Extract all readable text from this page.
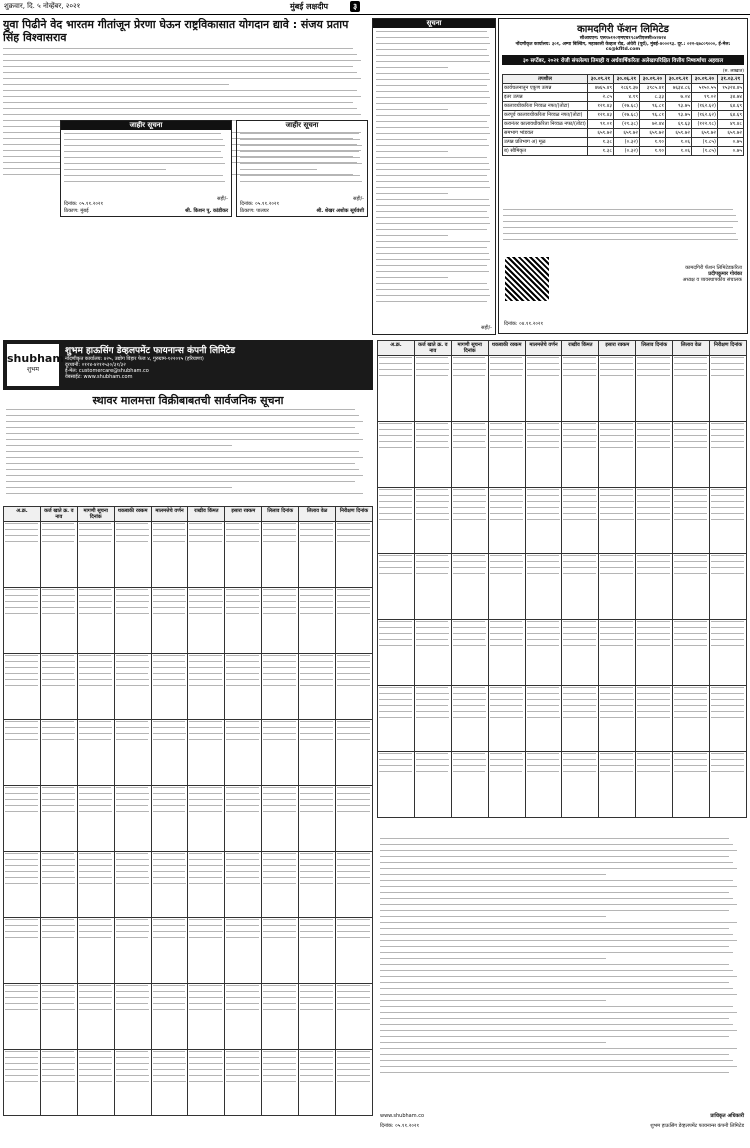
शुक्रवार, दि. ५ नोव्हेंबर, २०२१	मुंबई लक्षदीप	३
युवा पिढीने वेद भारतम गीतांजून प्रेरणा घेऊन राष्ट्रविकासात योगदान द्यावे : संजय प्रताप सिंह विश्वासराव
जाहीर सूचना
ठिकाण: मुंबई
दिनांक: ०५.११.२०२१
सही/-
श्री. किशन पू. कांडीकर
जाहीर सूचना
ठिकाण: पालघर
दिनांक: ०५.११.२०२१
सही/-
श्री. शेखर अशोक सूर्यवंशी
सूचना
सही/-
कामदगिरी फॅशन लिमिटेड
सीआयएन: एल१७१२०एमएच१९८७पीएलसी०४२४२४
नोंदणीकृत कार्यालय: ३०१, अम्पा बिल्डिंग, महाकाली केव्हज रोड, अंधेरी (पूर्व), मुंबई-४०००९३. दूर.: ०२२-६७८०९०००, ई-मेल: cs@kfltd.com
३० सप्टेंबर, २०२१ रोजी संपलेल्या तिमाही व अर्धवार्षिकरिता अलेखापरिक्षित वित्तीय निष्कर्षाचा अहवाल
(रु. लाखात)
तपशील	३०.०९.२१	३०.०६.२१	३०.०९.२०	३०.०९.२१	३०.०९.२०	३१.०३.२१
कार्यचलनातून एकूण उत्पन्न	४७६५.४९	२८६९.३७	३९८५.४१	७६३४.८६	५१५०.५५	१५३२४.४५
इतर उत्पन्न	२.८५	४.१९	८.३३	७.०४	१९.०२	३४.७४
कालावधीकरिता निव्वळ नफा/(तोटा)	१२१.४३	(२७.६८)	९६.८१	९३.७५	(१६२.६२)	६४.६९
करपूर्व कालावधीकरिता निव्वळ नफा/(तोटा)	१२१.४३	(२७.६८)	९६.८१	९३.७५	(१६२.६२)	६४.६९
करानंतर कालावधीकरिता निव्वळ नफा/(तोटा)	९१.०१	(२१.३८)	७२.४४	६९.६३	(१२२.१८)	४९.४८
समभाग भांडवल	६५९.७२	६५९.७२	६५९.७२	६५९.७२	६५९.७२	६५९.७२
उत्पन्न प्रतिभाग अ) मूळ	१.३८	(०.३२)	१.१०	१.०६	(१.८५)	०.७५
ब) सौमिकृत	१.३८	(०.३२)	१.१०	१.०६	(१.८५)	०.७५
कामदगिरी फॅशन लिमिटेडकरिता
प्रदीपकुमार गोयंका
अध्यक्ष व व्यवस्थापकीय संचालक
दिनांक: ०४.११.२०२१
shubham
शुभम
शुभम हाऊसिंग डेव्हलपमेंट फायनान्स कंपनी लिमिटेड
नोंदणीकृत कार्यालय: ४२५, उद्योग विहार फेज ४, गुरुग्राम-१२२०१५ (हरियाणा)
दूरध्वनी: ०१२४-४२१२५३०/३१/३२
ई-मेल: customercare@shubham.co
वेबसाईट: www.shubham.com
स्थावर मालमत्ता विक्रीबाबतची सार्वजनिक सूचना
अ.क्र.	कर्ज खाते क्र. व नाव	मागणी सूचना दिनांक	थकबाकी रक्कम	मालमत्तेचे वर्णन	राखीव किंमत	इसारा रक्कम	लिलाव दिनांक	लिलाव वेळ	निरीक्षण दिनांक

अ.क्र.	कर्ज खाते क्र. व नाव	मागणी सूचना दिनांक	थकबाकी रक्कम	मालमत्तेचे वर्णन	राखीव किंमत	इसारा रक्कम	लिलाव दिनांक	लिलाव वेळ	निरीक्षण दिनांक

www.shubham.co
दिनांक: ०५.११.२०२१
प्राधिकृत अधिकारी
शुभम हाऊसिंग डेव्हलपमेंट फायनान्स कंपनी लिमिटेड
